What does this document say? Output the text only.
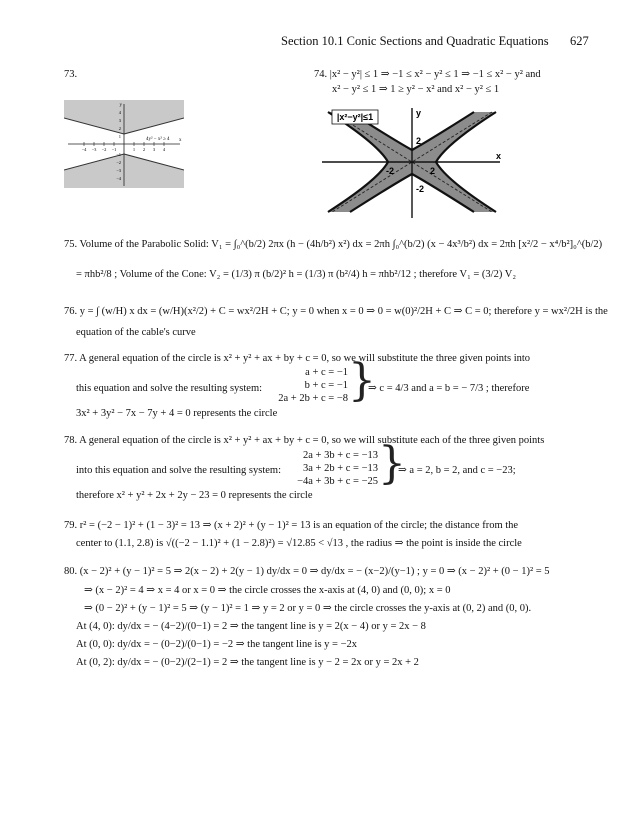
Section 10.1 Conic Sections and Quadratic Equations 627
73.
y
x
4y² − x² ≥ 4
−4 −3 −2 −1	1 2 3 4
4
3
2
1
−1
−2
−3
−4
74. |x² − y²| ≤ 1 ⇒ −1 ≤ x² − y² ≤ 1 ⇒ −1 ≤ x² − y² and
x² − y² ≤ 1 ⇒ 1 ≥ y² − x² and x² − y² ≤ 1
|x²−y²|≤1
x
y
-2	2
-2
2
75. Volume of the Parabolic Solid: V₁ = ∫₀^(b/2) 2πx (h − (4h/b²) x²) dx = 2πh ∫₀^(b/2) (x − 4x³/b²) dx = 2πh [x²/2 − x⁴/b²]₀^(b/2)
= πhb²/8 ; Volume of the Cone: V₂ = (1/3) π (b/2)² h = (1/3) π (b²/4) h = πhb²/12 ; therefore V₁ = (3/2) V₂
76. y = ∫ (w/H) x dx = (w/H)(x²/2) + C = wx²/2H + C; y = 0 when x = 0 ⇒ 0 = w(0)²/2H + C ⇒ C = 0; therefore y = wx²/2H is the
equation of the cable's curve
77. A general equation of the circle is x² + y² + ax + by + c = 0, so we will substitute the three given points into
this equation and solve the resulting system:
a + c = −1
b + c = −1
2a + 2b + c = −8 }
⇒ c = 4/3 and a = b = − 7/3 ; therefore
3x² + 3y² − 7x − 7y + 4 = 0 represents the circle
78. A general equation of the circle is x² + y² + ax + by + c = 0, so we will substitute each of the three given points
into this equation and solve the resulting system:
2a + 3b + c = −13
3a + 2b + c = −13
−4a + 3b + c = −25 }
⇒ a = 2, b = 2, and c = −23;
therefore x² + y² + 2x + 2y − 23 = 0 represents the circle
79. r² = (−2 − 1)² + (1 − 3)² = 13 ⇒ (x + 2)² + (y − 1)² = 13 is an equation of the circle; the distance from the
center to (1.1, 2.8) is √((−2 − 1.1)² + (1 − 2.8)²) = √12.85 < √13 , the radius ⇒ the point is inside the circle
80. (x − 2)² + (y − 1)² = 5 ⇒ 2(x − 2) + 2(y − 1) dy/dx = 0 ⇒ dy/dx = − (x−2)/(y−1) ; y = 0 ⇒ (x − 2)² + (0 − 1)² = 5
⇒ (x − 2)² = 4 ⇒ x = 4 or x = 0 ⇒ the circle crosses the x-axis at (4, 0) and (0, 0); x = 0
⇒ (0 − 2)² + (y − 1)² = 5 ⇒ (y − 1)² = 1 ⇒ y = 2 or y = 0 ⇒ the circle crosses the y-axis at (0, 2) and (0, 0).
At (4, 0): dy/dx = − (4−2)/(0−1) = 2 ⇒ the tangent line is y = 2(x − 4) or y = 2x − 8
At (0, 0): dy/dx = − (0−2)/(0−1) = −2 ⇒ the tangent line is y = −2x
At (0, 2): dy/dx = − (0−2)/(2−1) = 2 ⇒ the tangent line is y − 2 = 2x or y = 2x + 2
